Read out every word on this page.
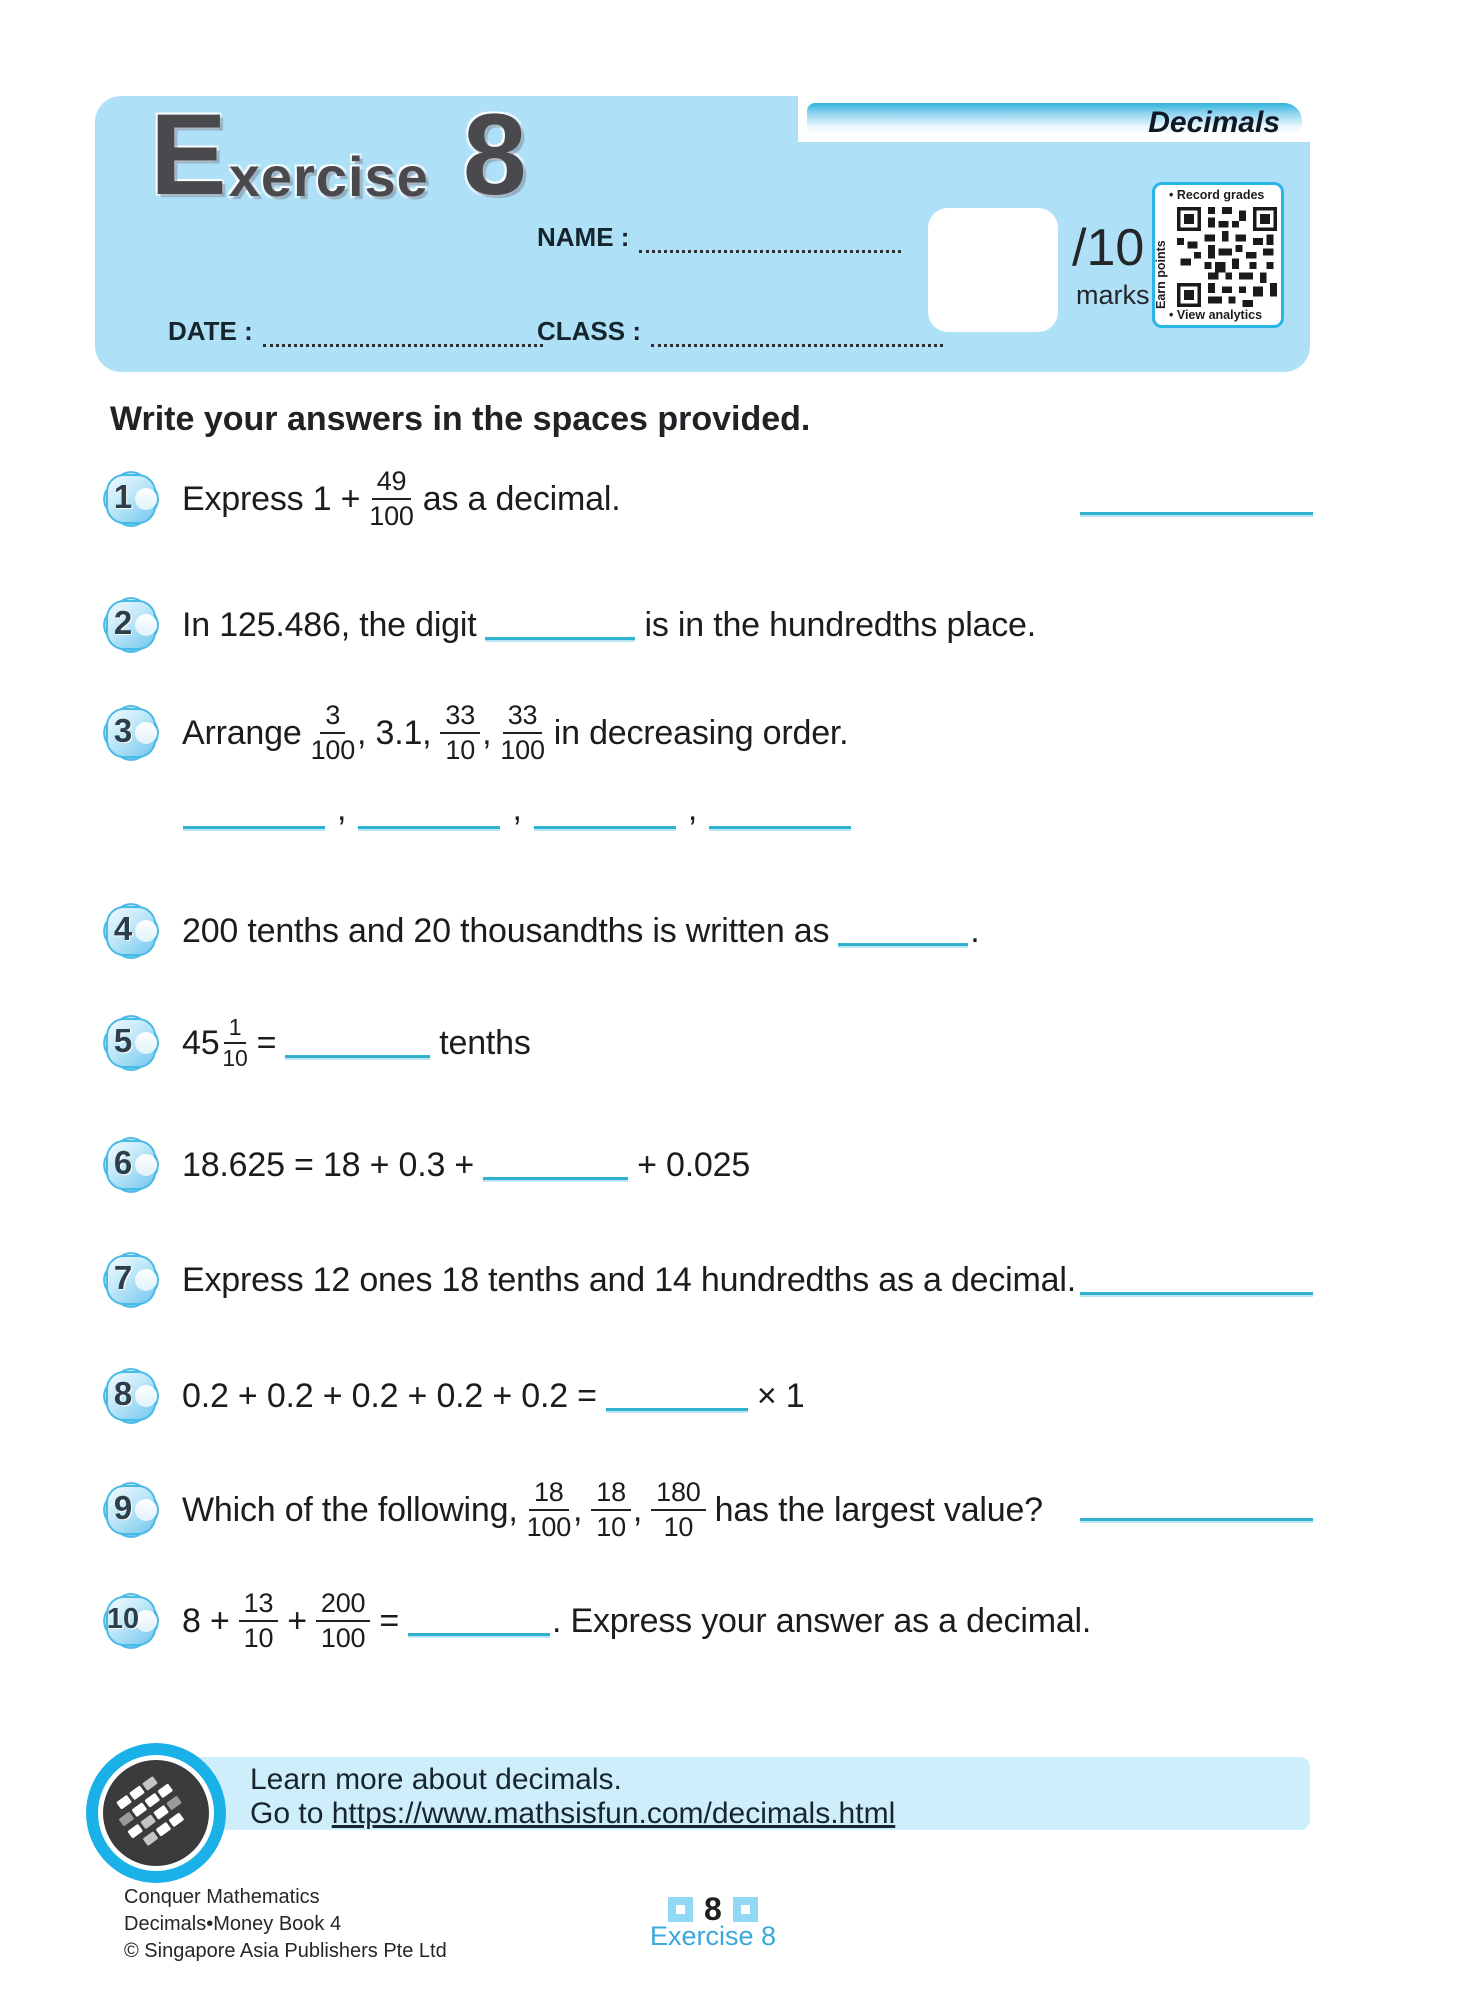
Decimals
E xercise 8
NAME :
DATE :	CLASS :
/10
marks
• Record grades
Earn points
• View analytics
Write your answers in the spaces provided.
1	Express $1 + \frac{49}{100}$ as a decimal.
2	In 125.486, the digit	is in the hundredths place.
3	Arrange $\frac{3}{100}$ , 3.1, $\frac{33}{10}$ , $\frac{33}{100}$ in decreasing order.
,	,	,
4	200 tenths and 20 thousandths is written as	.
5	$45 \frac{1}{10}$ =	tenths
6	18.625 = 18 + 0.3 +	+ 0.025
7	Express 12 ones 18 tenths and 14 hundredths as a decimal.
8	0.2 + 0.2 + 0.2 + 0.2 + 0.2 =	× 1
9	Which of the following, $\frac{18}{100}$ , $\frac{18}{10}$ , $\frac{180}{10}$ has the largest value?
10 $8 + \frac{13}{10} + \frac{200}{100}$ =	. Express your answer as a decimal.
Learn more about decimals.
Go to https://www.mathsisfun.com/decimals.html
Conquer Mathematics
Decimals•Money Book 4
© Singapore Asia Publishers Pte Ltd
8
Exercise 8
